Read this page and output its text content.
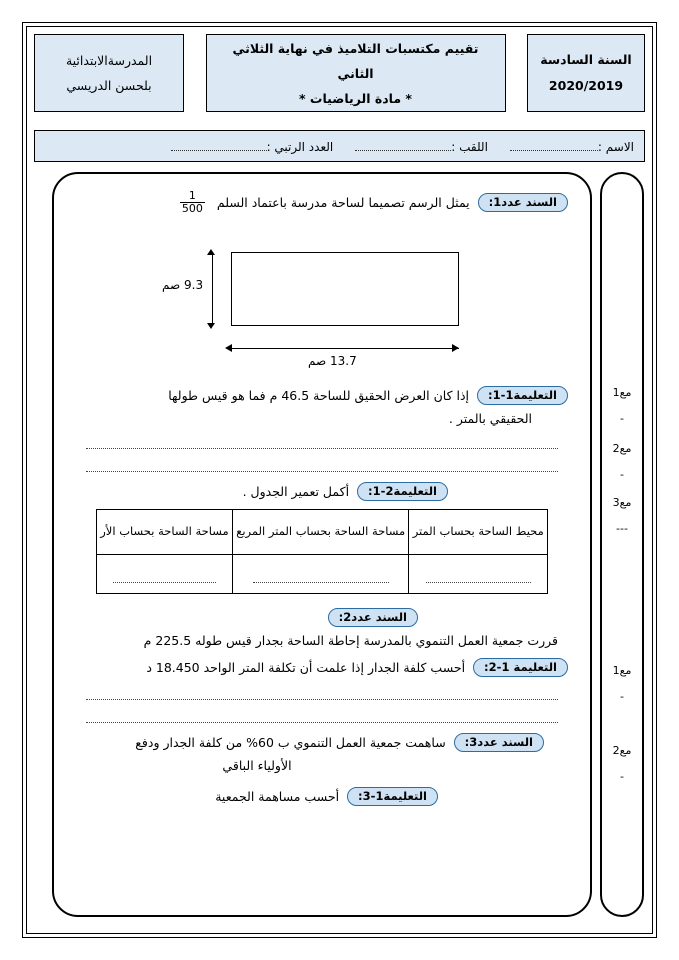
المدرسةالابتدائية
بلحسن الدريسي
تقييم مكتسبات التلاميذ في نهاية الثلاثي الثاني
* مادة الرياضيات *
السنة السادسة
2020/2019
الاسم :
اللقب :
العدد الرتبي :
السند عدد1:
يمثل الرسم تصميما لساحة مدرسة باعتماد السلم
$\frac{1}{500}$
9.3 صم
13.7 صم
التعليمة1-1:
إذا كان العرض الحقيق للساحة 46.5 م فما هو قيس طولها
الحقيقي بالمتر .
التعليمة2-1:
أكمل تعمير الجدول .
محيط الساحة بحساب المتر	مساحة الساحة بحساب المتر المربع	مساحة الساحة بحساب الأر

السند عدد2:
قررت جمعية العمل التنموي بالمدرسة إحاطة الساحة بجدار قيس طوله 225.5 م
التعليمة 1-2:
أحسب كلفة الجدار إذا علمت أن تكلفة المتر الواحد 18.450 د
السند عدد3:
ساهمت جمعية العمل التنموي ب 60% من كلفة الجدار ودفع
الأولياء الباقي
التعليمة1-3:
أحسب مساهمة الجمعية
مع1
-
مع2
-
مع3
---
مع1
-
مع2
-
